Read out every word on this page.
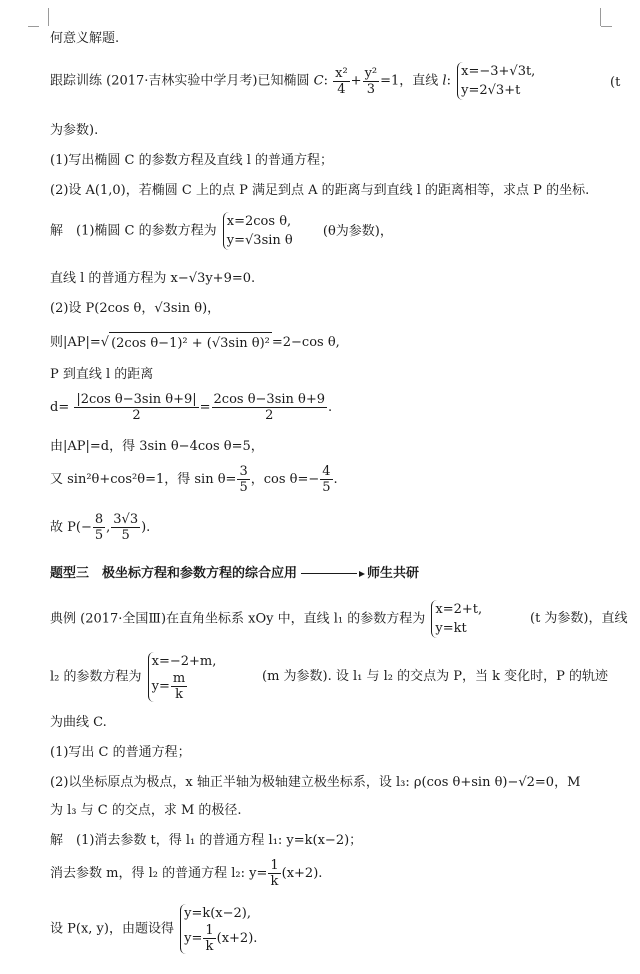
何意义解题.
跟踪训练 (2017·吉林实验中学月考)已知椭圆 C: $\frac{\text{x²}}{4} + \frac{\text{y²}}{3} =1$，直线 l:
x=−3+√3t,
y=2√3+t
(t
为参数).
(1)写出椭圆 C 的参数方程及直线 l 的普通方程；
(2)设 A(1,0)，若椭圆 C 上的点 P 满足到点 A 的距离与到直线 l 的距离相等，求点 P 的坐标.
解　(1)椭圆 C 的参数方程为
x=2cos θ,
y=√3sin θ
(θ为参数)，
直线 l 的普通方程为 x−√3y+9=0.
(2)设 P(2cos θ，√3sin θ)，
则|AP|=√ (2cos θ−1)² + (√3sin θ)² =2−cos θ,
P 到直线 l 的距离
$d= \frac{\text{|2cos θ−3sin θ+9|}}{2} = \frac{\text{2cos θ−3sin θ+9}}{2}$ .
由|AP|=d，得 3sin θ−4cos θ=5，
又 sin²θ+cos²θ=1，得 $\sin \theta= \frac{3}{5}$ ，$\cos \theta=- \frac{4}{5}$ .
故 $P(- \frac{8}{5}$ , $\frac{3√3}{5}$ ).
题型三　极坐标方程和参数方程的综合应用	师生共研
典例 (2017·全国Ⅲ)在直角坐标系 xOy 中，直线 l₁ 的参数方程为
x=2+t,
y=kt
(t 为参数)，直线
l₂ 的参数方程为
x=−2+m,
$y= \frac{m}{k}$	(m 为参数). 设 l₁ 与 l₂ 的交点为 P，当 k 变化时，P 的轨迹
为曲线 C.
(1)写出 C 的普通方程；
(2)以坐标原点为极点，x 轴正半轴为极轴建立极坐标系，设 l₃: ρ(cos θ+sin θ)−√2=0，M
为 l₃ 与 C 的交点，求 M 的极径.
解　(1)消去参数 t，得 l₁ 的普通方程 l₁: y=k(x−2)；
消去参数 m，得 l₂ 的普通方程 l₂: $y= \frac{1}{k} (x+2)$.
设 P(x, y)，由题设得
y=k(x−2),
$y= \frac{1}{k} (x+2)$.
